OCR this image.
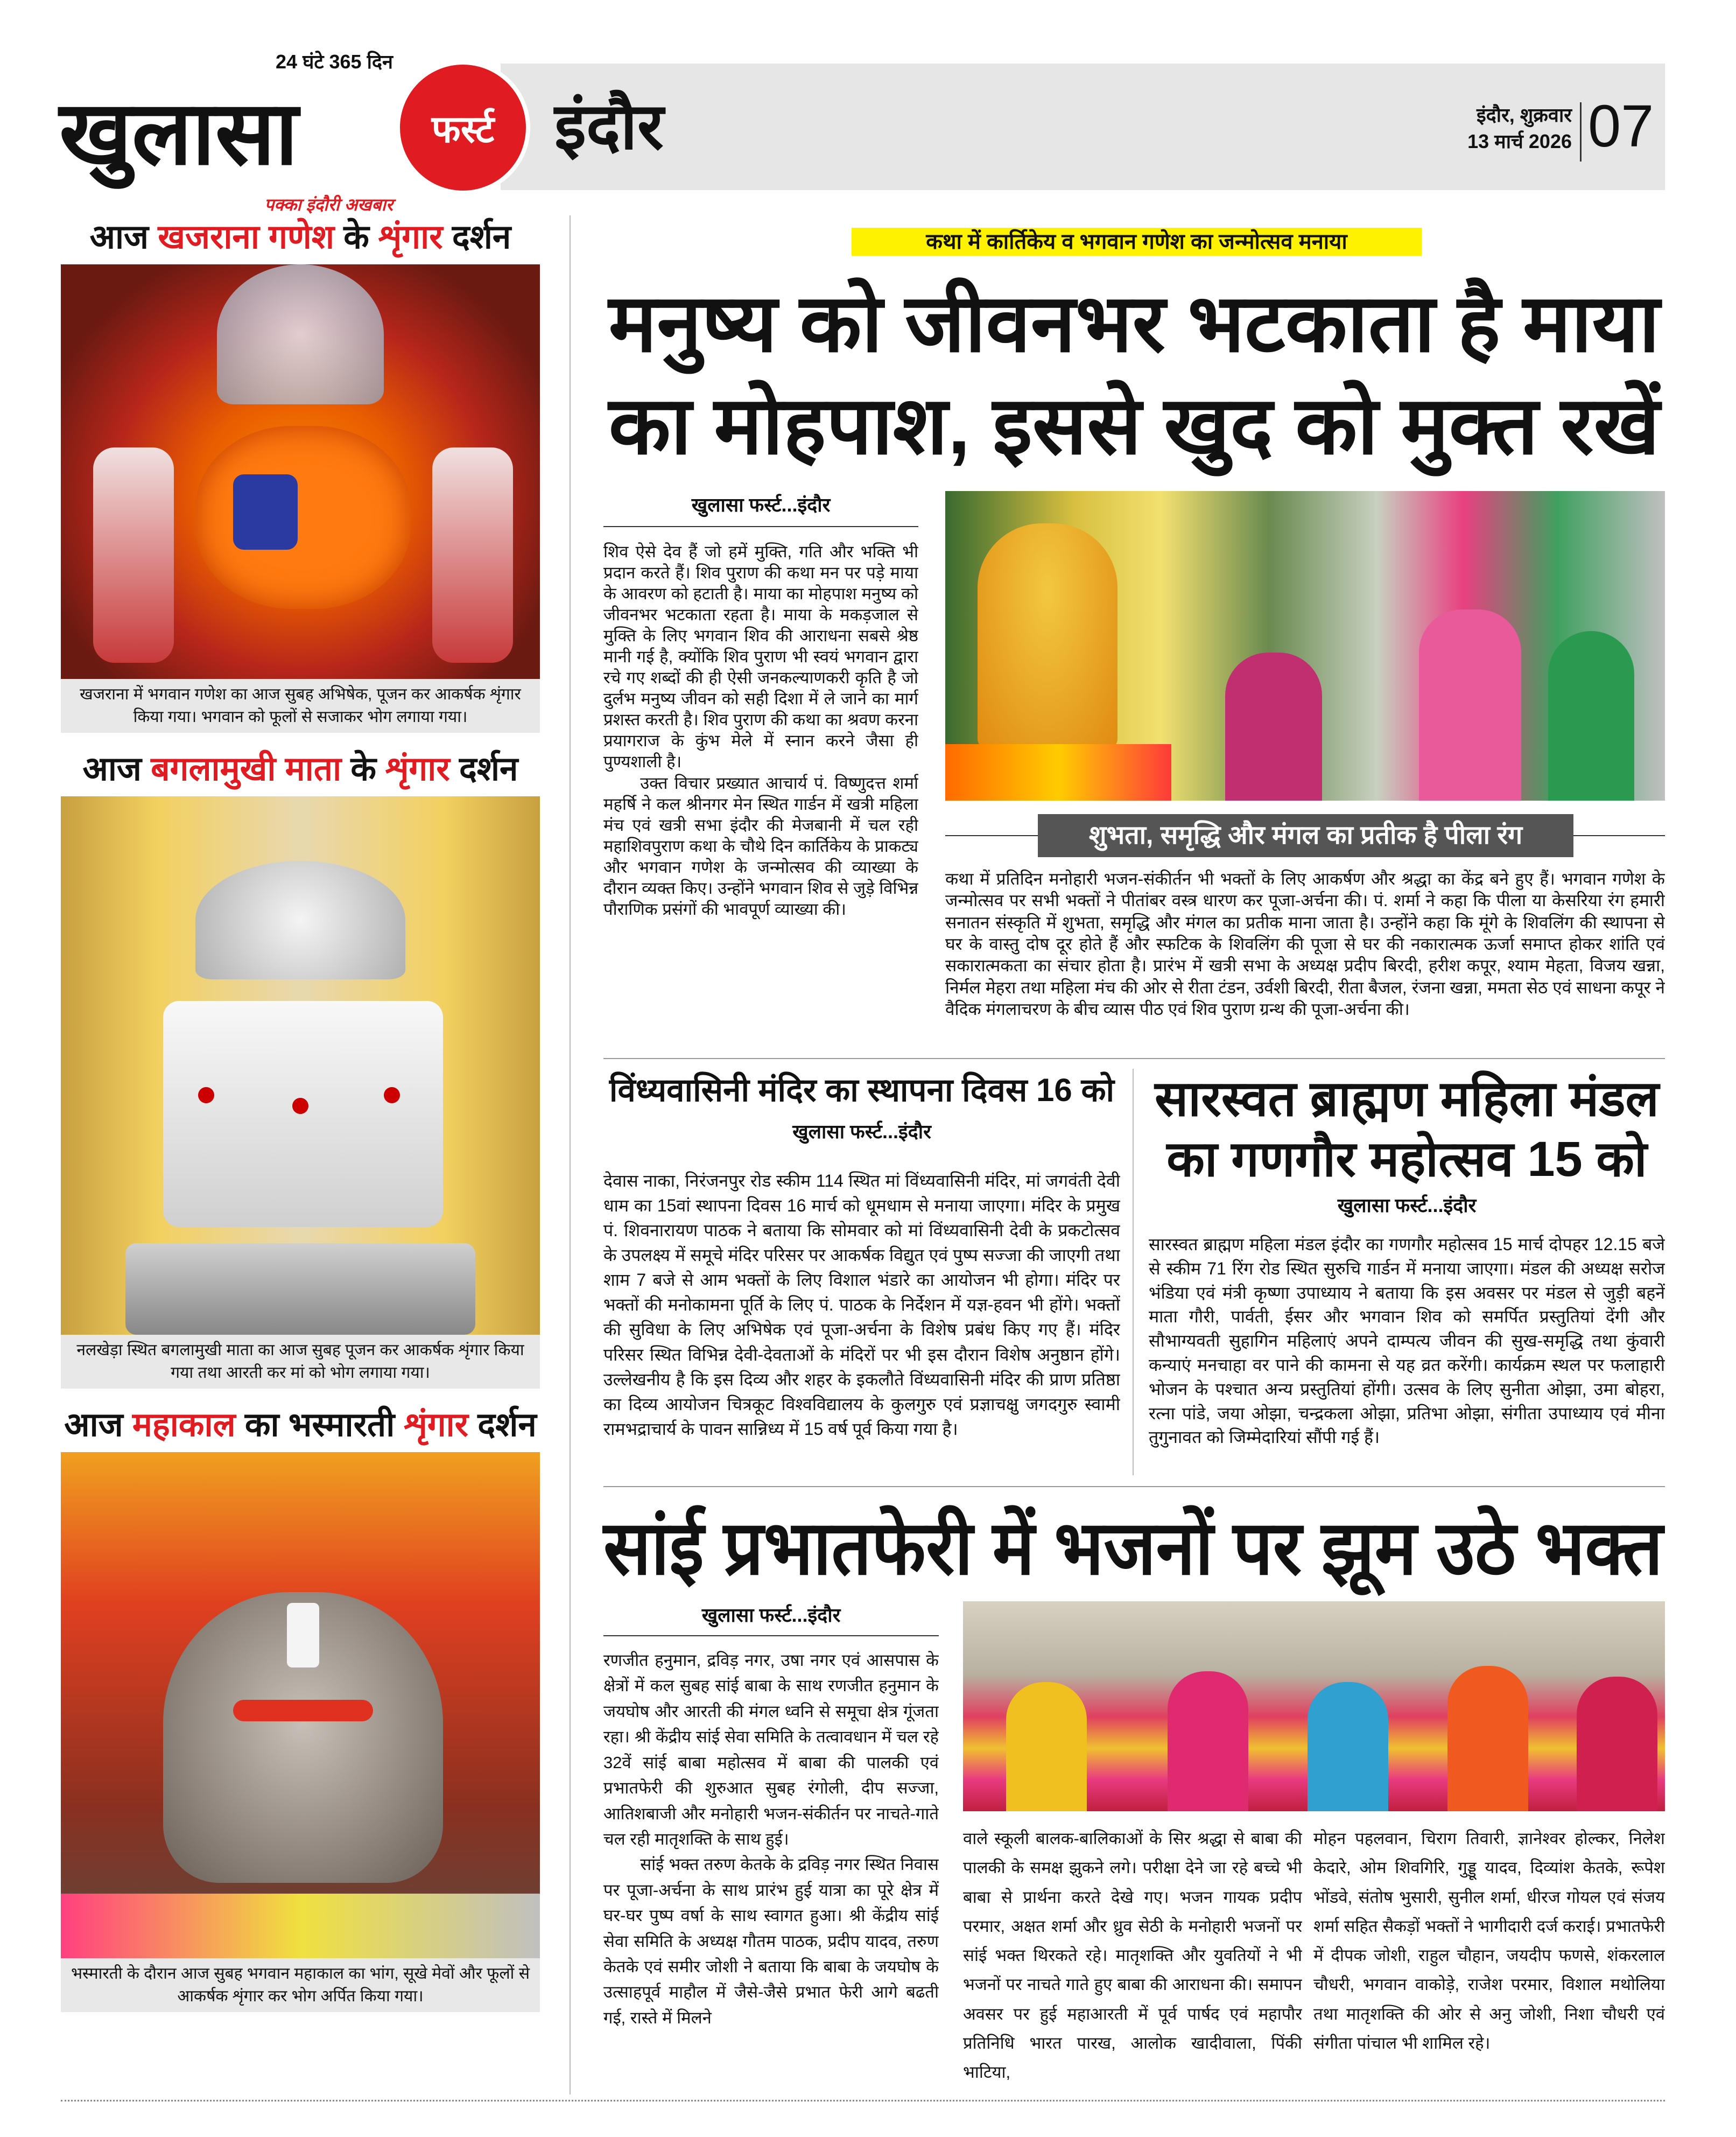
24 घंटे 365 दिन
खुलासा
पक्का इंदौरी अखबार
फर्स्ट इंदौर	इंदौर, शुक्रवार
13 मार्च 2026 07
आज खजराना गणेश के शृंगार दर्शन
खजराना में भगवान गणेश का आज सुबह अभिषेक, पूजन कर आकर्षक शृंगार किया गया। भगवान को फूलों से सजाकर भोग लगाया गया।
आज बगलामुखी माता के शृंगार दर्शन
नलखेड़ा स्थित बगलामुखी माता का आज सुबह पूजन कर आकर्षक शृंगार किया गया तथा आरती कर मां को भोग लगाया गया।
आज महाकाल का भस्मारती शृंगार दर्शन
भस्मारती के दौरान आज सुबह भगवान महाकाल का भांग, सूखे मेवों और फूलों से आकर्षक शृंगार कर भोग अर्पित किया गया।
कथा में कार्तिकेय व भगवान गणेश का जन्मोत्सव मनाया
मनुष्य को जीवनभर भटकाता है माया
का मोहपाश, इससे खुद को मुक्त रखें
खुलासा फर्स्ट...इंदौर

शिव ऐसे देव हैं जो हमें मुक्ति, गति और भक्ति भी प्रदान करते हैं। शिव पुराण की कथा मन पर पड़े माया के आवरण को हटाती है। माया का मोहपाश मनुष्य को जीवनभर भटकाता रहता है। माया के मकड़जाल से मुक्ति के लिए भगवान शिव की आराधना सबसे श्रेष्ठ मानी गई है, क्योंकि शिव पुराण भी स्वयं भगवान द्वारा रचे गए शब्दों की ही ऐसी जनकल्याणकरी कृति है जो दुर्लभ मनुष्य जीवन को सही दिशा में ले जाने का मार्ग प्रशस्त करती है। शिव पुराण की कथा का श्रवण करना प्रयागराज के कुंभ मेले में स्नान करने जैसा ही पुण्यशाली है।

उक्त विचार प्रख्यात आचार्य पं. विष्णुदत्त शर्मा महर्षि ने कल श्रीनगर मेन स्थित गार्डन में खत्री महिला मंच एवं खत्री सभा इंदौर की मेजबानी में चल रही महाशिवपुराण कथा के चौथे दिन कार्तिकेय के प्राकट्य और भगवान गणेश के जन्मोत्सव की व्याख्या के दौरान व्यक्त किए। उन्होंने भगवान शिव से जुड़े विभिन्न पौराणिक प्रसंगों की भावपूर्ण व्याख्या की।

शुभता, समृद्धि और मंगल का प्रतीक है पीला रंग

कथा में प्रतिदिन मनोहारी भजन-संकीर्तन भी भक्तों के लिए आकर्षण और श्रद्धा का केंद्र बने हुए हैं। भगवान गणेश के जन्मोत्सव पर सभी भक्तों ने पीतांबर वस्त्र धारण कर पूजा-अर्चना की। पं. शर्मा ने कहा कि पीला या केसरिया रंग हमारी सनातन संस्कृति में शुभता, समृद्धि और मंगल का प्रतीक माना जाता है। उन्होंने कहा कि मूंगे के शिवलिंग की स्थापना से घर के वास्तु दोष दूर होते हैं और स्फटिक के शिवलिंग की पूजा से घर की नकारात्मक ऊर्जा समाप्त होकर शांति एवं सकारात्मकता का संचार होता है। प्रारंभ में खत्री सभा के अध्यक्ष प्रदीप बिरदी, हरीश कपूर, श्याम मेहता, विजय खन्ना, निर्मल मेहरा तथा महिला मंच की ओर से रीता टंडन, उर्वशी बिरदी, रीता बैजल, रंजना खन्ना, ममता सेठ एवं साधना कपूर ने वैदिक मंगलाचरण के बीच व्यास पीठ एवं शिव पुराण ग्रन्थ की पूजा-अर्चना की।

विंध्यवासिनी मंदिर का स्थापना दिवस 16 को
खुलासा फर्स्ट...इंदौर
देवास नाका, निरंजनपुर रोड स्कीम 114 स्थित मां विंध्यवासिनी मंदिर, मां जगवंती देवी धाम का 15वां स्थापना दिवस 16 मार्च को धूमधाम से मनाया जाएगा। मंदिर के प्रमुख पं. शिवनारायण पाठक ने बताया कि सोमवार को मां विंध्यवासिनी देवी के प्रकटोत्सव के उपलक्ष्य में समूचे मंदिर परिसर पर आकर्षक विद्युत एवं पुष्प सज्जा की जाएगी तथा शाम 7 बजे से आम भक्तों के लिए विशाल भंडारे का आयोजन भी होगा। मंदिर पर भक्तों की मनोकामना पूर्ति के लिए पं. पाठक के निर्देशन में यज्ञ-हवन भी होंगे। भक्तों की सुविधा के लिए अभिषेक एवं पूजा-अर्चना के विशेष प्रबंध किए गए हैं। मंदिर परिसर स्थित विभिन्न देवी-देवताओं के मंदिरों पर भी इस दौरान विशेष अनुष्ठान होंगे। उल्लेखनीय है कि इस दिव्य और शहर के इकलौते विंध्यवासिनी मंदिर की प्राण प्रतिष्ठा का दिव्य आयोजन चित्रकूट विश्वविद्यालय के कुलगुरु एवं प्रज्ञाचक्षु जगदगुरु स्वामी रामभद्राचार्य के पावन सान्निध्य में 15 वर्ष पूर्व किया गया है।
सारस्वत ब्राह्मण महिला मंडल
का गणगौर महोत्सव 15 को
खुलासा फर्स्ट...इंदौर
सारस्वत ब्राह्मण महिला मंडल इंदौर का गणगौर महोत्सव 15 मार्च दोपहर 12.15 बजे से स्कीम 71 रिंग रोड स्थित सुरुचि गार्डन में मनाया जाएगा। मंडल की अध्यक्ष सरोज भंडिया एवं मंत्री कृष्णा उपाध्याय ने बताया कि इस अवसर पर मंडल से जुड़ी बहनें माता गौरी, पार्वती, ईसर और भगवान शिव को समर्पित प्रस्तुतियां देंगी और सौभाग्यवती सुहागिन महिलाएं अपने दाम्पत्य जीवन की सुख-समृद्धि तथा कुंवारी कन्याएं मनचाहा वर पाने की कामना से यह व्रत करेंगी। कार्यक्रम स्थल पर फलाहारी भोजन के पश्चात अन्य प्रस्तुतियां होंगी। उत्सव के लिए सुनीता ओझा, उमा बोहरा, रत्ना पांडे, जया ओझा, चन्द्रकला ओझा, प्रतिभा ओझा, संगीता उपाध्याय एवं मीना तुगुनावत को जिम्मेदारियां सौंपी गई हैं।
सांई प्रभातफेरी में भजनों पर झूम उठे भक्त
खुलासा फर्स्ट...इंदौर

रणजीत हनुमान, द्रविड़ नगर, उषा नगर एवं आसपास के क्षेत्रों में कल सुबह सांई बाबा के साथ रणजीत हनुमान के जयघोष और आरती की मंगल ध्वनि से समूचा क्षेत्र गूंजता रहा। श्री केंद्रीय सांई सेवा समिति के तत्वावधान में चल रहे 32वें सांई बाबा महोत्सव में बाबा की पालकी एवं प्रभातफेरी की शुरुआत सुबह रंगोली, दीप सज्जा, आतिशबाजी और मनोहारी भजन-संकीर्तन पर नाचते-गाते चल रही मातृशक्ति के साथ हुई।

सांई भक्त तरुण केतके के द्रविड़ नगर स्थित निवास पर पूजा-अर्चना के साथ प्रारंभ हुई यात्रा का पूरे क्षेत्र में घर-घर पुष्प वर्षा के साथ स्वागत हुआ। श्री केंद्रीय सांई सेवा समिति के अध्यक्ष गौतम पाठक, प्रदीप यादव, तरुण केतके एवं समीर जोशी ने बताया कि बाबा के जयघोष के उत्साहपूर्व माहौल में जैसे-जैसे प्रभात फेरी आगे बढती गई, रास्ते में मिलने

वाले स्कूली बालक-बालिकाओं के सिर श्रद्धा से बाबा की पालकी के समक्ष झुकने लगे। परीक्षा देने जा रहे बच्चे भी बाबा से प्रार्थना करते देखे गए। भजन गायक प्रदीप परमार, अक्षत शर्मा और ध्रुव सेठी के मनोहारी भजनों पर सांई भक्त थिरकते रहे। मातृशक्ति और युवतियों ने भी भजनों पर नाचते गाते हुए बाबा की आराधना की। समापन अवसर पर हुई महाआरती में पूर्व पार्षद एवं महापौर प्रतिनिधि भारत पारख, आलोक खादीवाला, पिंकी भाटिया,
मोहन पहलवान, चिराग तिवारी, ज्ञानेश्वर होल्कर, निलेश केदारे, ओम शिवगिरि, गुड्डू यादव, दिव्यांश केतके, रूपेश भोंडवे, संतोष भुसारी, सुनील शर्मा, धीरज गोयल एवं संजय शर्मा सहित सैकड़ों भक्तों ने भागीदारी दर्ज कराई। प्रभातफेरी में दीपक जोशी, राहुल चौहान, जयदीप फणसे, शंकरलाल चौधरी, भगवान वाकोड़े, राजेश परमार, विशाल मथोलिया तथा मातृशक्ति की ओर से अनु जोशी, निशा चौधरी एवं संगीता पांचाल भी शामिल रहे।
